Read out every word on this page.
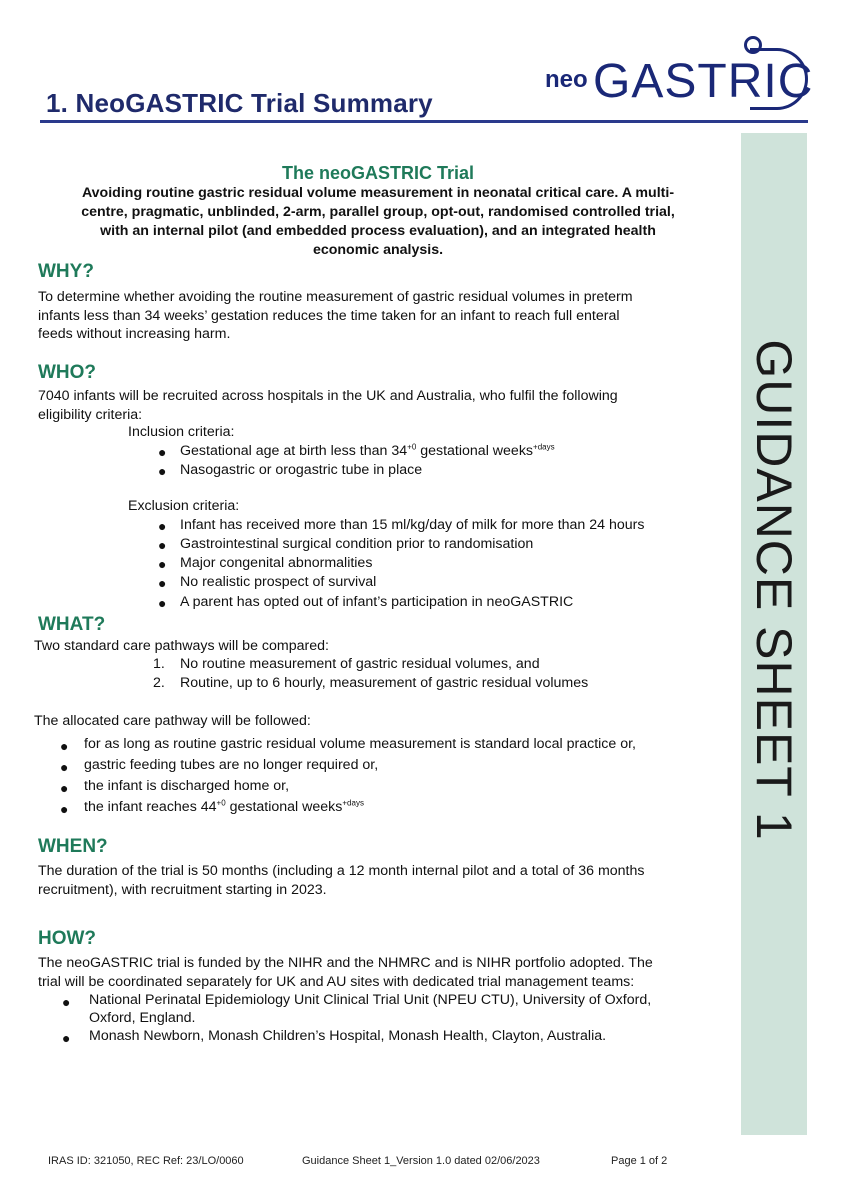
1. NeoGASTRIC Trial Summary
neo GASTRIC
GUIDANCE SHEET 1
The neoGASTRIC Trial
Avoiding routine gastric residual volume measurement in neonatal critical care. A multi-
centre, pragmatic, unblinded, 2-arm, parallel group, opt-out, randomised controlled trial,
with an internal pilot (and embedded process evaluation), and an integrated health
economic analysis.
WHY?
To determine whether avoiding the routine measurement of gastric residual volumes in preterm
infants less than 34 weeks’ gestation reduces the time taken for an infant to reach full enteral
feeds without increasing harm.
WHO?
7040 infants will be recruited across hospitals in the UK and Australia, who fulfil the following
eligibility criteria:
Inclusion criteria:
● Gestational age at birth less than $34^{+0}$ gestational weeks$^{+days}$
● Nasogastric or orogastric tube in place
Exclusion criteria:
● Infant has received more than 15 ml/kg/day of milk for more than 24 hours
● Gastrointestinal surgical condition prior to randomisation
● Major congenital abnormalities
● No realistic prospect of survival
● A parent has opted out of infant’s participation in neoGASTRIC
WHAT?
Two standard care pathways will be compared:
1. No routine measurement of gastric residual volumes, and
2. Routine, up to 6 hourly, measurement of gastric residual volumes
The allocated care pathway will be followed:
● for as long as routine gastric residual volume measurement is standard local practice or,
● gastric feeding tubes are no longer required or,
● the infant is discharged home or,
● the infant reaches $44^{+0}$ gestational weeks$^{+days}$
WHEN?
The duration of the trial is 50 months (including a 12 month internal pilot and a total of 36 months
recruitment), with recruitment starting in 2023.
HOW?
The neoGASTRIC trial is funded by the NIHR and the NHMRC and is NIHR portfolio adopted. The
trial will be coordinated separately for UK and AU sites with dedicated trial management teams:
● National Perinatal Epidemiology Unit Clinical Trial Unit (NPEU CTU), University of Oxford,
Oxford, England.
● Monash Newborn, Monash Children’s Hospital, Monash Health, Clayton, Australia.
IRAS ID: 321050, REC Ref: 23/LO/0060	Guidance Sheet 1_Version 1.0 dated 02/06/2023	Page 1 of 2
